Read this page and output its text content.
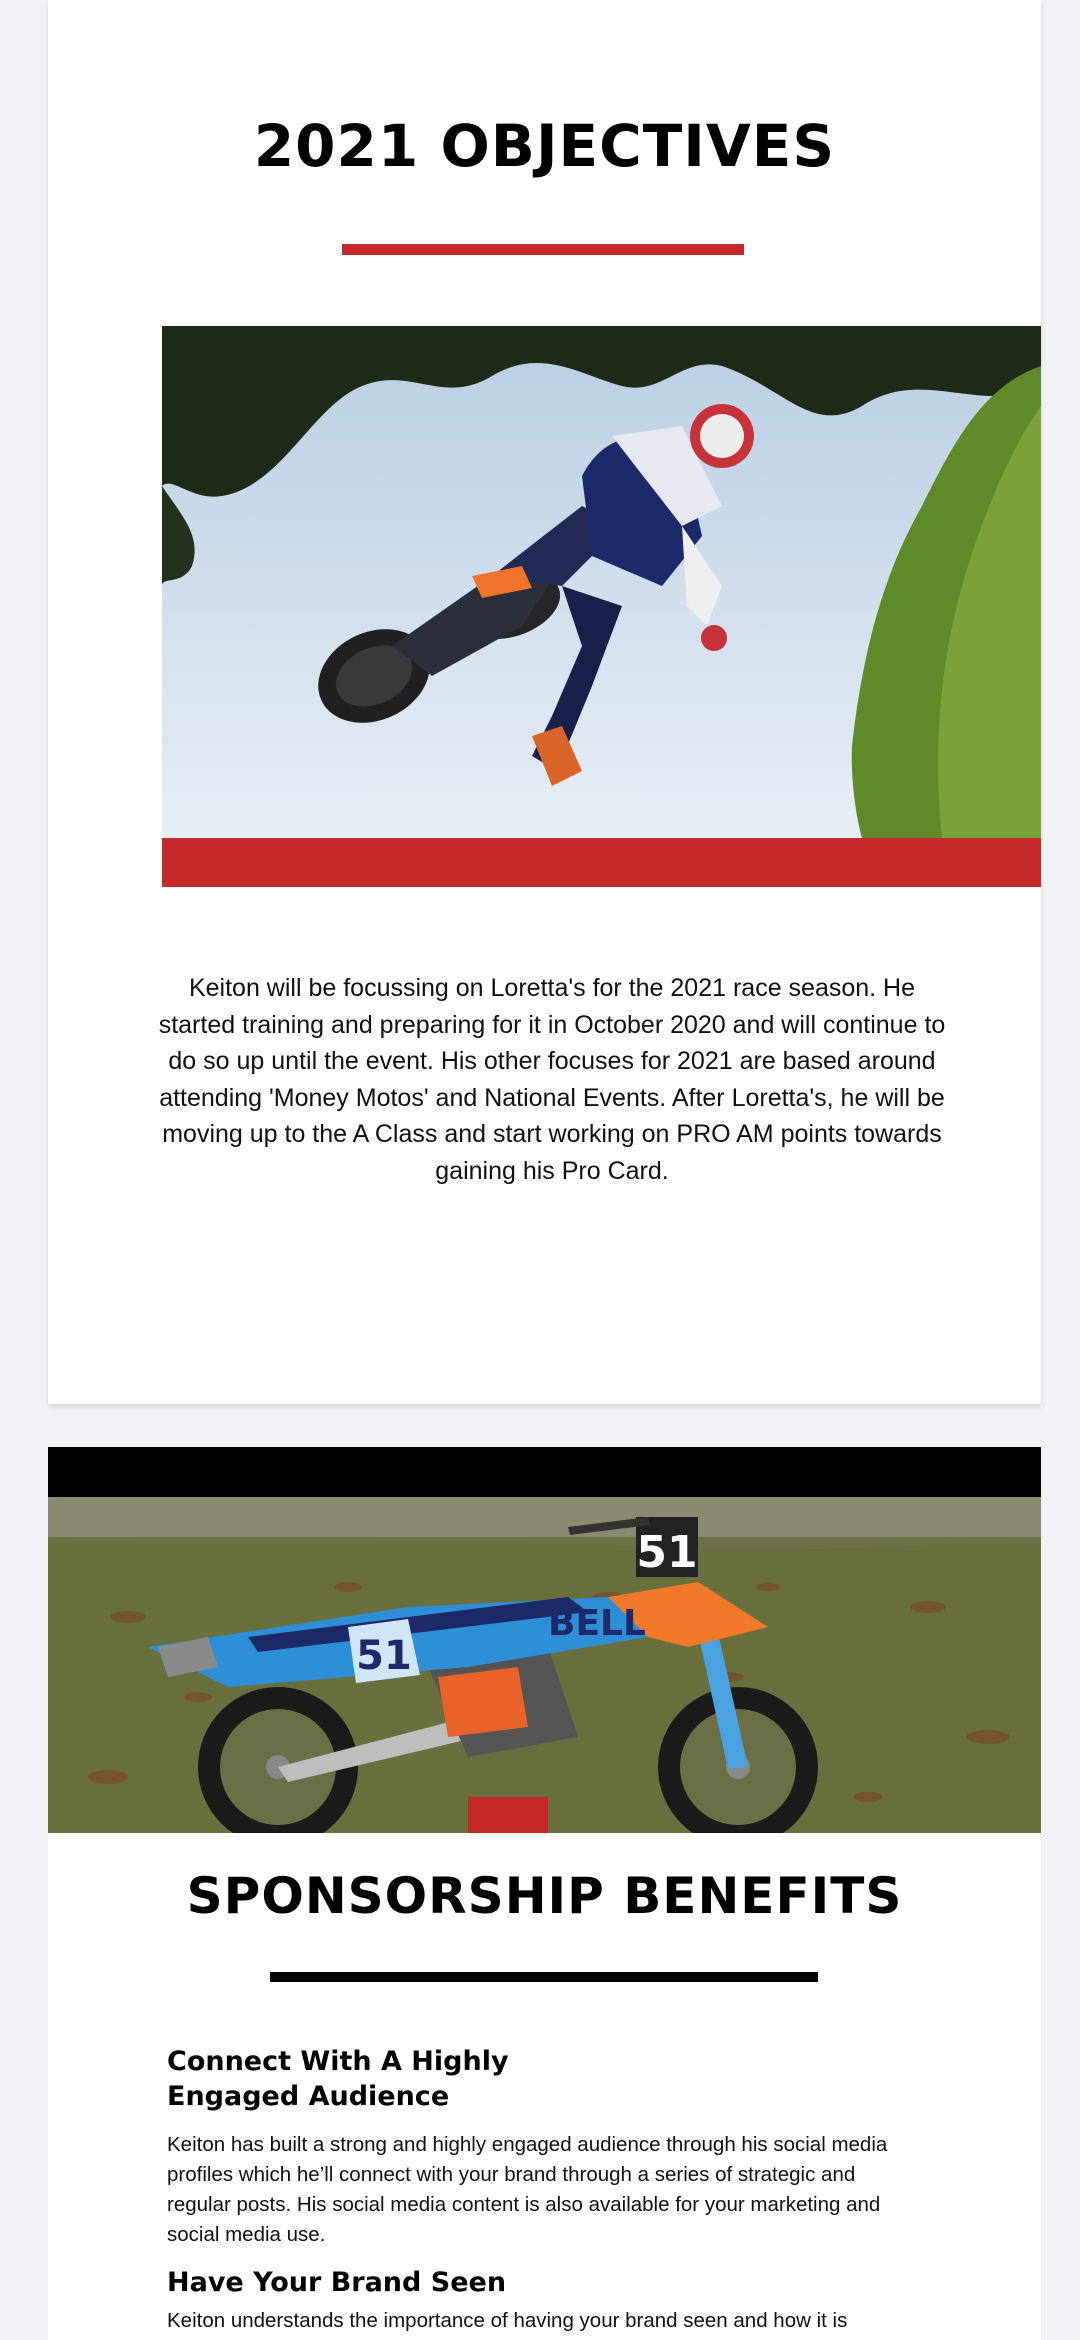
2021 OBJECTIVES

Keiton will be focussing on Loretta's for the 2021 race season. He started training and preparing for it in October 2020 and will continue to do so up until the event. His other focuses for 2021 are based around attending 'Money Motos' and National Events. After Loretta's, he will be moving up to the A Class and start working on PRO AM points towards gaining his Pro Card.

51
BELL
51
SPONSORSHIP BENEFITS
Connect With A Highly
Engaged Audience

Keiton has built a strong and highly engaged audience through his social media profiles which he’ll connect with your brand through a series of strategic and regular posts. His social media content is also available for your marketing and social media use.

Have Your Brand Seen

Keiton understands the importance of having your brand seen and how it is
